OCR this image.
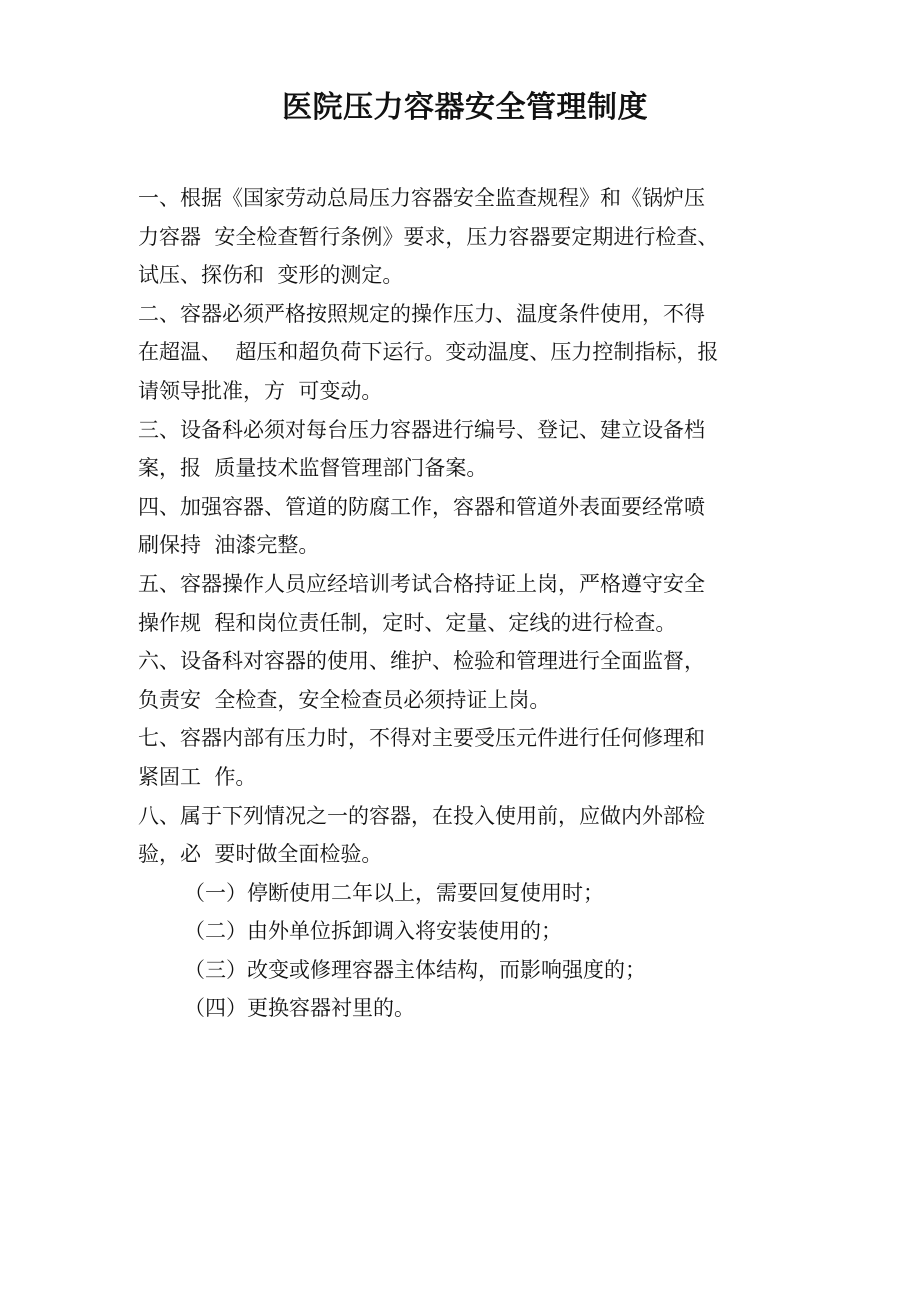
医院压力容器安全管理制度
一、根据《国家劳动总局压力容器安全监查规程》和《锅炉压
力容器  安全检查暂行条例》要求，压力容器要定期进行检查、
试压、探伤和  变形的测定。
二、容器必须严格按照规定的操作压力、温度条件使用，不得
在超温、  超压和超负荷下运行。变动温度、压力控制指标，报
请领导批准，方  可变动。
三、设备科必须对每台压力容器进行编号、登记、建立设备档
案，报  质量技术监督管理部门备案。
四、加强容器、管道的防腐工作，容器和管道外表面要经常喷
刷保持  油漆完整。
五、容器操作人员应经培训考试合格持证上岗，严格遵守安全
操作规  程和岗位责任制，定时、定量、定线的进行检查。
六、设备科对容器的使用、维护、检验和管理进行全面监督，
负责安  全检查，安全检查员必须持证上岗。
七、容器内部有压力时，不得对主要受压元件进行任何修理和
紧固工  作。
八、属于下列情况之一的容器，在投入使用前，应做内外部检
验，必  要时做全面检验。
（一）停断使用二年以上，需要回复使用时；
（二）由外单位拆卸调入将安装使用的；
（三）改变或修理容器主体结构，而影响强度的；
（四）更换容器衬里的。
